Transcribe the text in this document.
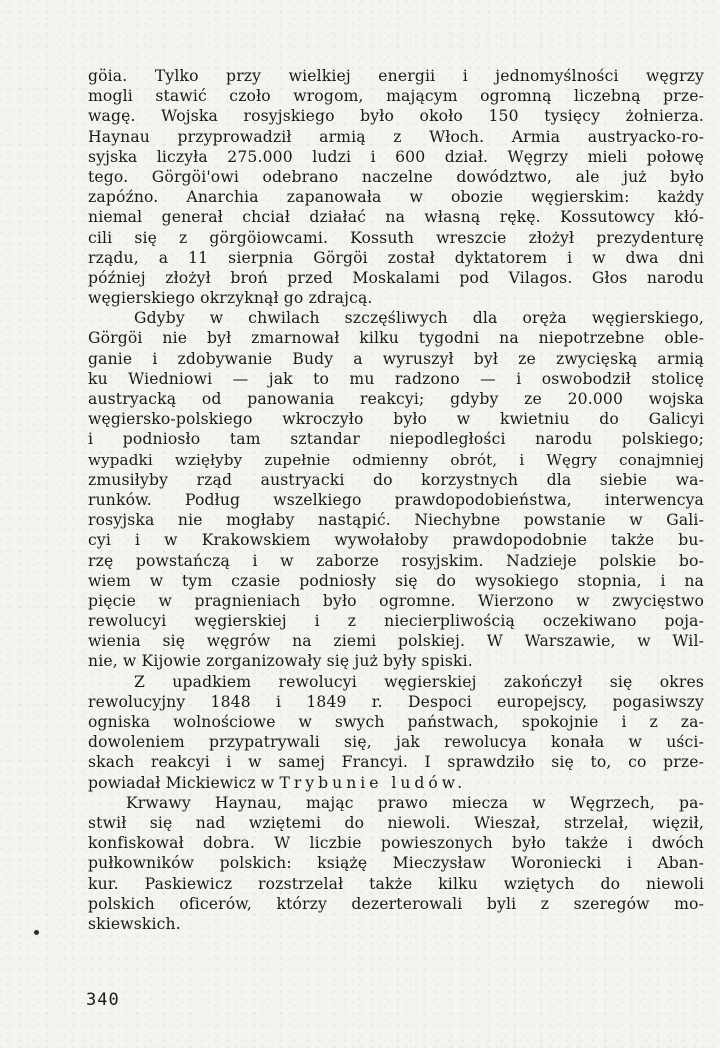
göia. Tylko przy wielkiej energii i jednomyślności węgrzy
mogli stawić czoło wrogom, mającym ogromną liczebną prze-
wagę. Wojska rosyjskiego było około 150 tysięcy żołnierza.
Haynau przyprowadził armią z Włoch. Armia austryacko-ro-
syjska liczyła 275.000 ludzi i 600 dział. Węgrzy mieli połowę
tego. Görgöi'owi odebrano naczelne dowództwo, ale już było
zapóźno. Anarchia zapanowała w obozie węgierskim: każdy
niemal generał chciał działać na własną rękę. Kossutowcy kłó-
cili się z görgöiowcami. Kossuth wreszcie złożył prezydenturę
rządu, a 11 sierpnia Görgöi został dyktatorem i w dwa dni
później złożył broń przed Moskalami pod Vilagos. Głos narodu
węgierskiego okrzyknął go zdrajcą.
Gdyby w chwilach szczęśliwych dla oręża węgierskiego,
Görgöi nie był zmarnował kilku tygodni na niepotrzebne oble-
ganie i zdobywanie Budy a wyruszył był ze zwycięską armią
ku Wiedniowi — jak to mu radzono — i oswobodził stolicę
austryacką od panowania reakcyi; gdyby ze 20.000 wojska
węgiersko-polskiego wkroczyło było w kwietniu do Galicyi
i podniosło tam sztandar niepodległości narodu polskiego;
wypadki wzięłyby zupełnie odmienny obrót, i Węgry conajmniej
zmusiłyby rząd austryacki do korzystnych dla siebie wa-
runków. Podług wszelkiego prawdopodobieństwa, interwencya
rosyjska nie mogłaby nastąpić. Niechybne powstanie w Gali-
cyi i w Krakowskiem wywołałoby prawdopodobnie także bu-
rzę powstańczą i w zaborze rosyjskim. Nadzieje polskie bo-
wiem w tym czasie podniosły się do wysokiego stopnia, i na
pięcie w pragnieniach było ogromne. Wierzono w zwycięstwo
rewolucyi węgierskiej i z niecierpliwością oczekiwano poja-
wienia się węgrów na ziemi polskiej. W Warszawie, w Wil-
nie, w Kijowie zorganizowały się już były spiski.
Z upadkiem rewolucyi węgierskiej zakończył się okres
rewolucyjny 1848 i 1849 r. Despoci europejscy, pogasiwszy
ogniska wolnościowe w swych państwach, spokojnie i z za-
dowoleniem przypatrywali się, jak rewolucya konała w uści-
skach reakcyi i w samej Francyi. I sprawdziło się to, co prze-
powiadał Mickiewicz w Trybunie ludów.
Krwawy Haynau, mając prawo miecza w Węgrzech, pa-
stwił się nad wziętemi do niewoli. Wieszał, strzelał, więził,
konfiskował dobra. W liczbie powieszonych było także i dwóch
pułkowników polskich: książę Mieczysław Woroniecki i Aban-
kur. Paskiewicz rozstrzelał także kilku wziętych do niewoli
polskich oficerów, którzy dezerterowali byli z szeregów mo-
skiewskich.
340
